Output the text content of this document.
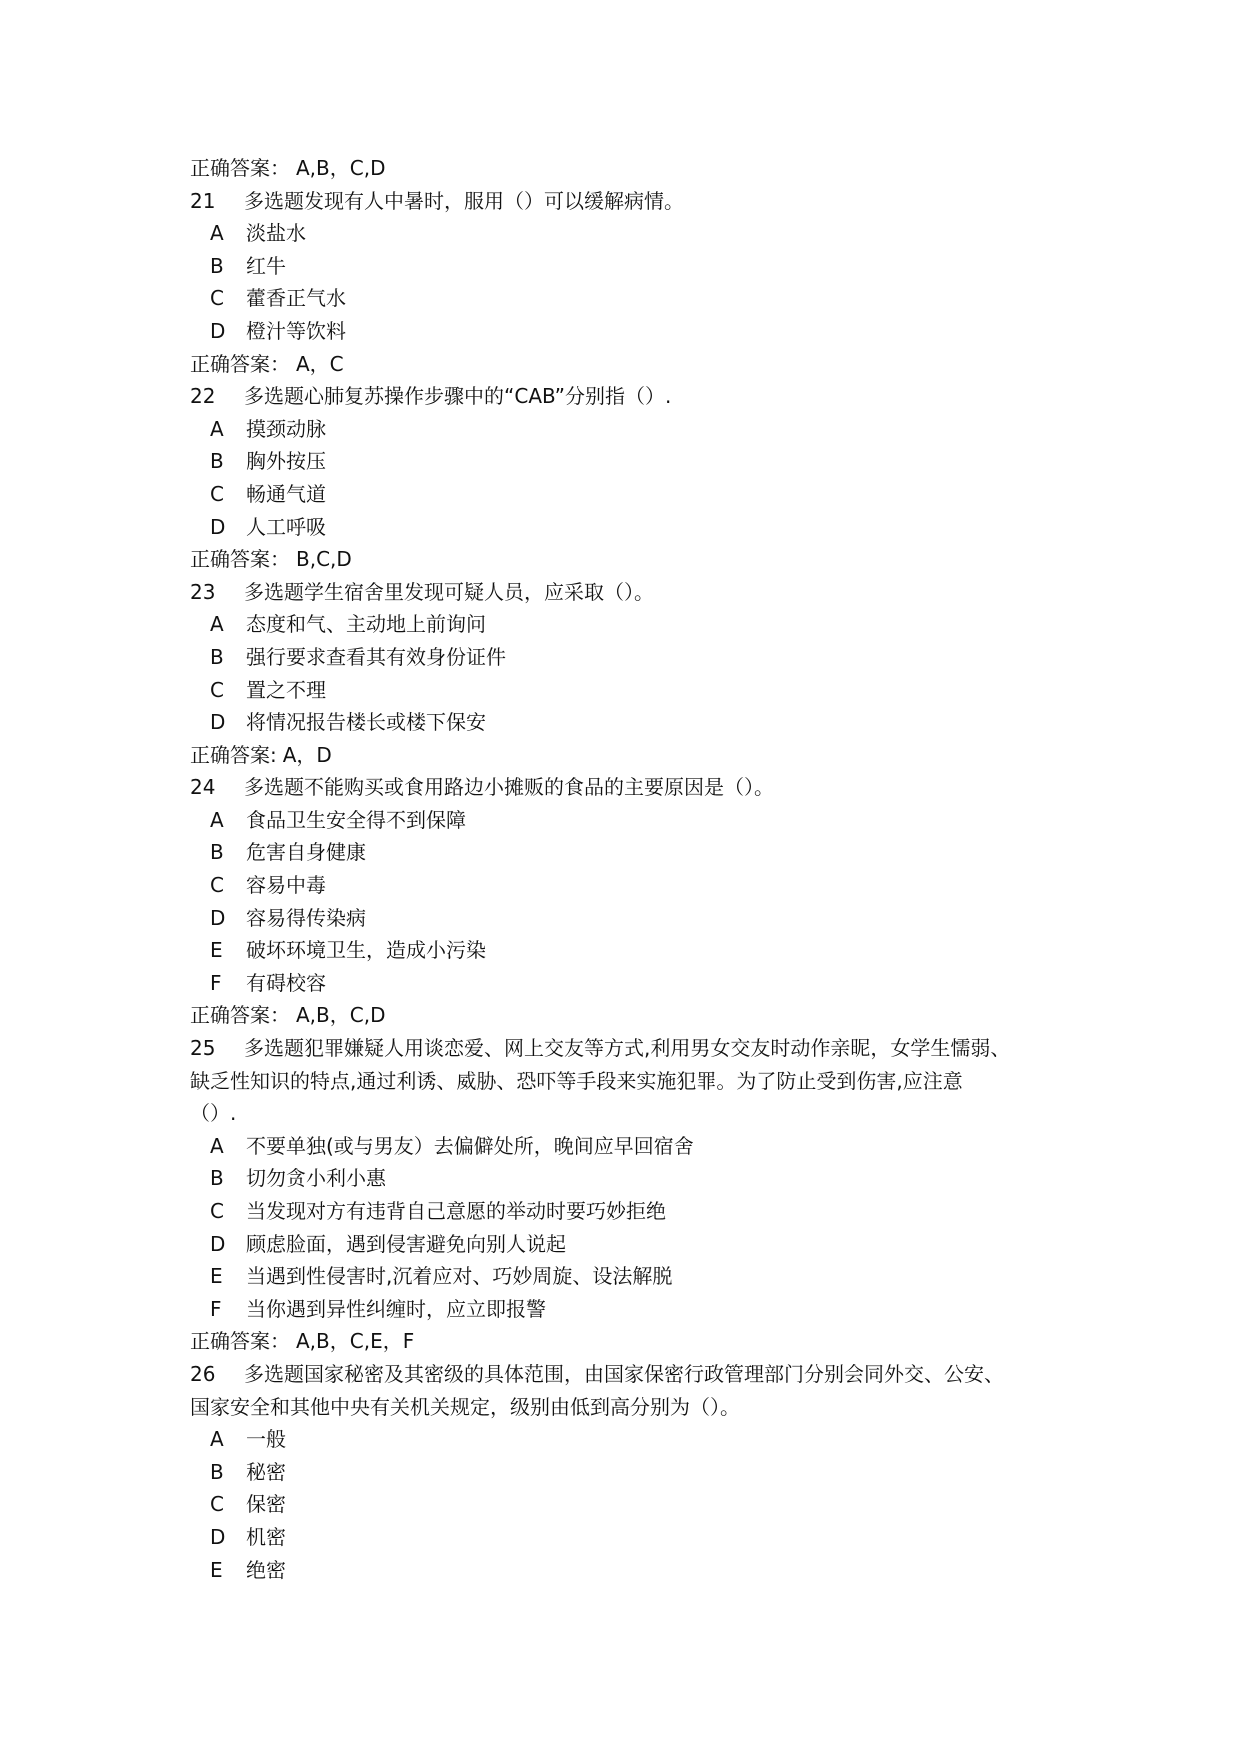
正确答案：A,B，C,D
21 多选题发现有人中暑时，服用（）可以缓解病情。
A 淡盐水
B 红牛
C 藿香正气水
D 橙汁等饮料
正确答案：A，C
22 多选题心肺复苏操作步骤中的“CAB”分别指（）.
A 摸颈动脉
B 胸外按压
C 畅通气道
D 人工呼吸
正确答案：B,C,D
23 多选题学生宿舍里发现可疑人员，应采取（）。
A 态度和气、主动地上前询问
B 强行要求查看其有效身份证件
C 置之不理
D 将情况报告楼长或楼下保安
正确答案: A，D
24 多选题不能购买或食用路边小摊贩的食品的主要原因是（）。
A 食品卫生安全得不到保障
B 危害自身健康
C 容易中毒
D 容易得传染病
E 破坏环境卫生，造成小污染
F 有碍校容
正确答案：A,B，C,D
25 多选题犯罪嫌疑人用谈恋爱、网上交友等方式,利用男女交友时动作亲昵，女学生懦弱、
缺乏性知识的特点,通过利诱、威胁、恐吓等手段来实施犯罪。为了防止受到伤害,应注意
（）.
A 不要单独(或与男友）去偏僻处所，晚间应早回宿舍
B 切勿贪小利小惠
C 当发现对方有违背自己意愿的举动时要巧妙拒绝
D 顾虑脸面，遇到侵害避免向别人说起
E 当遇到性侵害时,沉着应对、巧妙周旋、设法解脱
F 当你遇到异性纠缠时，应立即报警
正确答案：A,B，C,E，F
26 多选题国家秘密及其密级的具体范围，由国家保密行政管理部门分别会同外交、公安、
国家安全和其他中央有关机关规定，级别由低到高分别为（）。
A 一般
B 秘密
C 保密
D 机密
E 绝密
